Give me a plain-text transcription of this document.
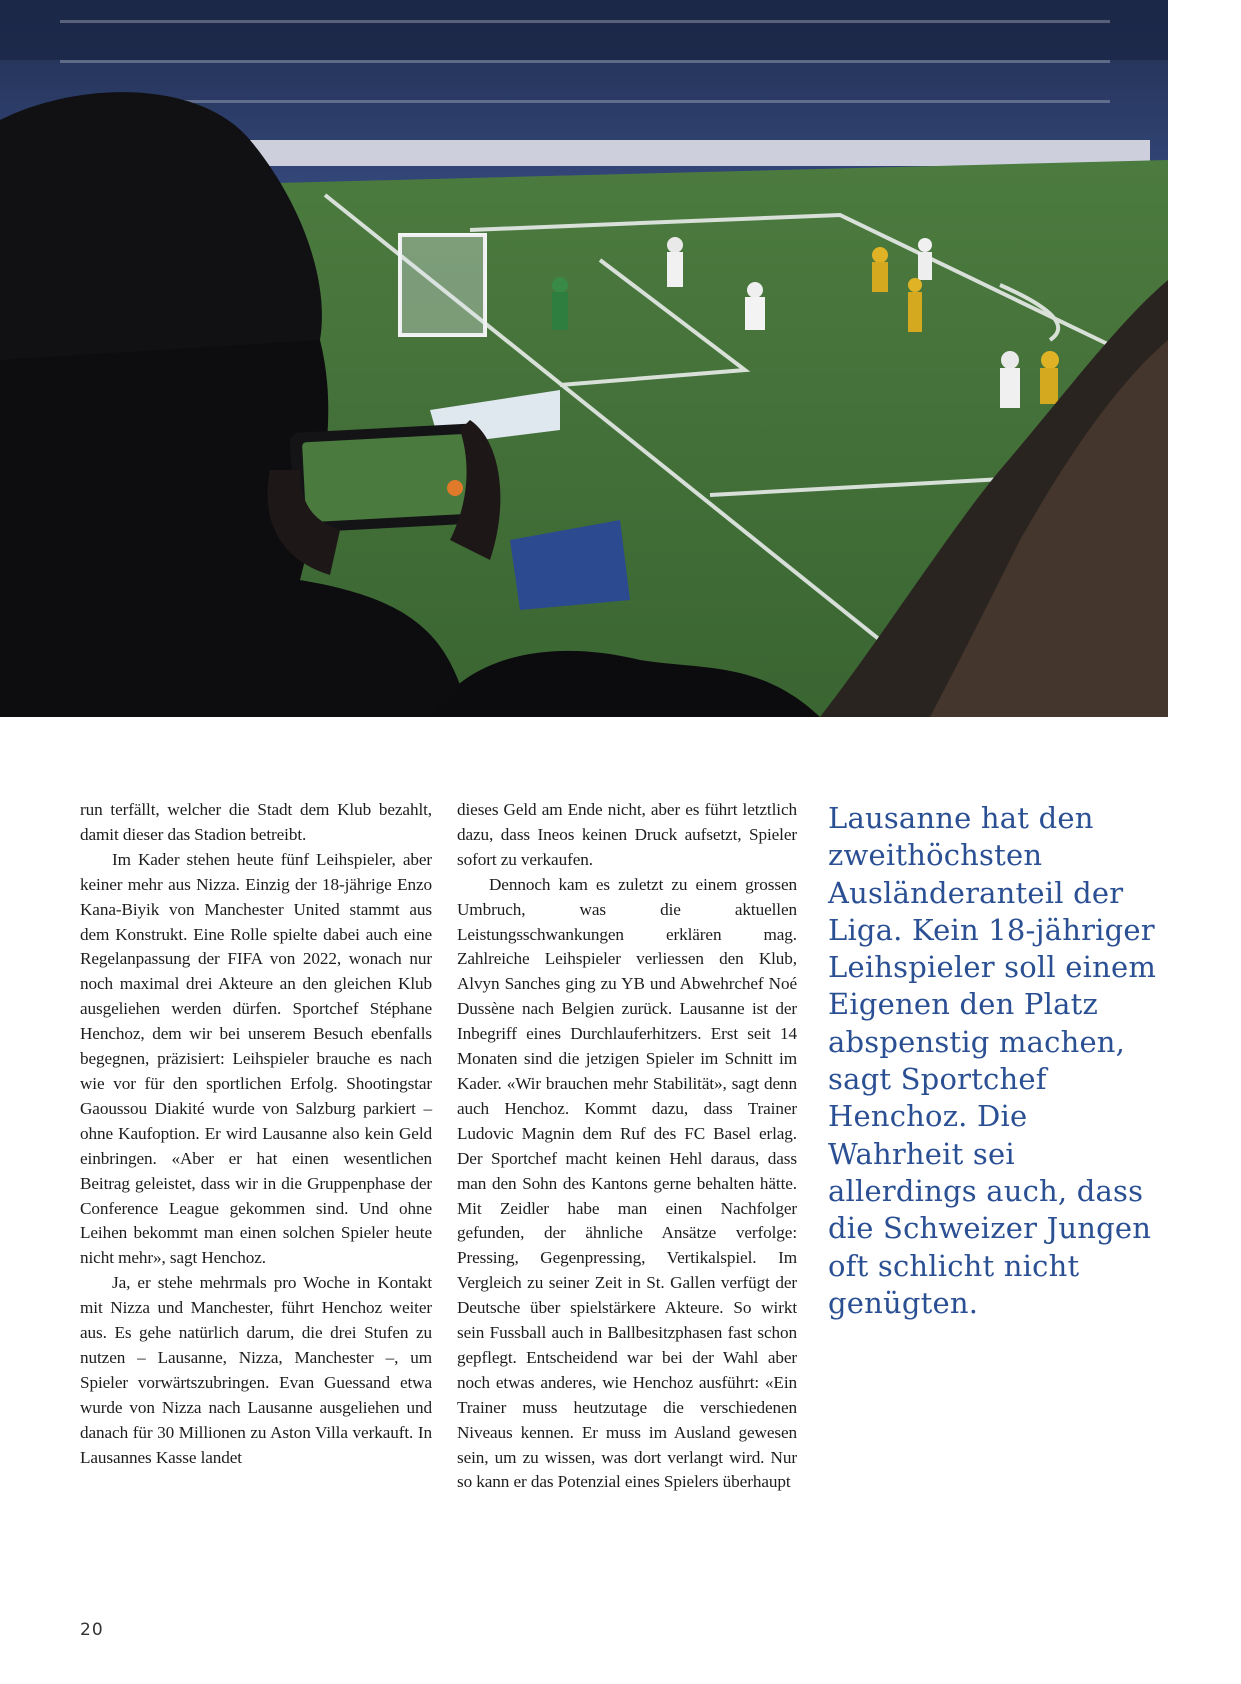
run terfällt, welcher die Stadt dem Klub bezahlt, damit dieser das Stadion betreibt.

Im Kader stehen heute fünf Leihspieler, aber keiner mehr aus Nizza. Einzig der 18-jährige Enzo Kana-Biyik von Manchester United stammt aus dem Konstrukt. Eine Rolle spielte dabei auch eine Regelanpassung der FIFA von 2022, wonach nur noch maximal drei Akteure an den gleichen Klub ausgeliehen werden dürfen. Sportchef Stéphane Henchoz, dem wir bei unserem Besuch ebenfalls begegnen, präzisiert: Leihspieler brauche es nach wie vor für den sportlichen Erfolg. Shootingstar Gaoussou Diakité wurde von Salzburg parkiert – ohne Kaufoption. Er wird Lausanne also kein Geld einbringen. «Aber er hat einen wesentlichen Beitrag geleistet, dass wir in die Gruppenphase der Conference League gekommen sind. Und ohne Leihen bekommt man einen solchen Spieler heute nicht mehr», sagt Henchoz.

Ja, er stehe mehrmals pro Woche in Kontakt mit Nizza und Manchester, führt Henchoz weiter aus. Es gehe natürlich darum, die drei Stufen zu nutzen – Lausanne, Nizza, Manchester –, um Spieler vorwärtszubringen. Evan Guessand etwa wurde von Nizza nach Lausanne ausgeliehen und danach für 30 Millionen zu Aston Villa verkauft. In Lausannes Kasse landet

dieses Geld am Ende nicht, aber es führt letztlich dazu, dass Ineos keinen Druck aufsetzt, Spieler sofort zu verkaufen.

Dennoch kam es zuletzt zu einem grossen Umbruch, was die aktuellen Leistungsschwankungen erklären mag. Zahlreiche Leihspieler verliessen den Klub, Alvyn Sanches ging zu YB und Abwehrchef Noé Dussène nach Belgien zurück. Lausanne ist der Inbegriff eines Durchlauferhitzers. Erst seit 14 Monaten sind die jetzigen Spieler im Schnitt im Kader. «Wir brauchen mehr Stabilität», sagt denn auch Henchoz. Kommt dazu, dass Trainer Ludovic Magnin dem Ruf des FC Basel erlag. Der Sportchef macht keinen Hehl daraus, dass man den Sohn des Kantons gerne behalten hätte. Mit Zeidler habe man einen Nachfolger gefunden, der ähnliche Ansätze verfolge: Pressing, Gegenpressing, Vertikalspiel. Im Vergleich zu seiner Zeit in St. Gallen verfügt der Deutsche über spielstärkere Akteure. So wirkt sein Fussball auch in Ballbesitzphasen fast schon gepflegt. Entscheidend war bei der Wahl aber noch etwas anderes, wie Henchoz ausführt: «Ein Trainer muss heutzutage die verschiedenen Niveaus kennen. Er muss im Ausland gewesen sein, um zu wissen, was dort verlangt wird. Nur so kann er das Potenzial eines Spielers überhaupt

Lausanne hat den zweithöchsten Ausländeranteil der Liga. Kein 18-jähriger Leihspieler soll einem Eigenen den Platz abspenstig machen, sagt Sportchef Henchoz. Die Wahrheit sei allerdings auch, dass die Schweizer Jungen oft schlicht nicht genügten.
20
